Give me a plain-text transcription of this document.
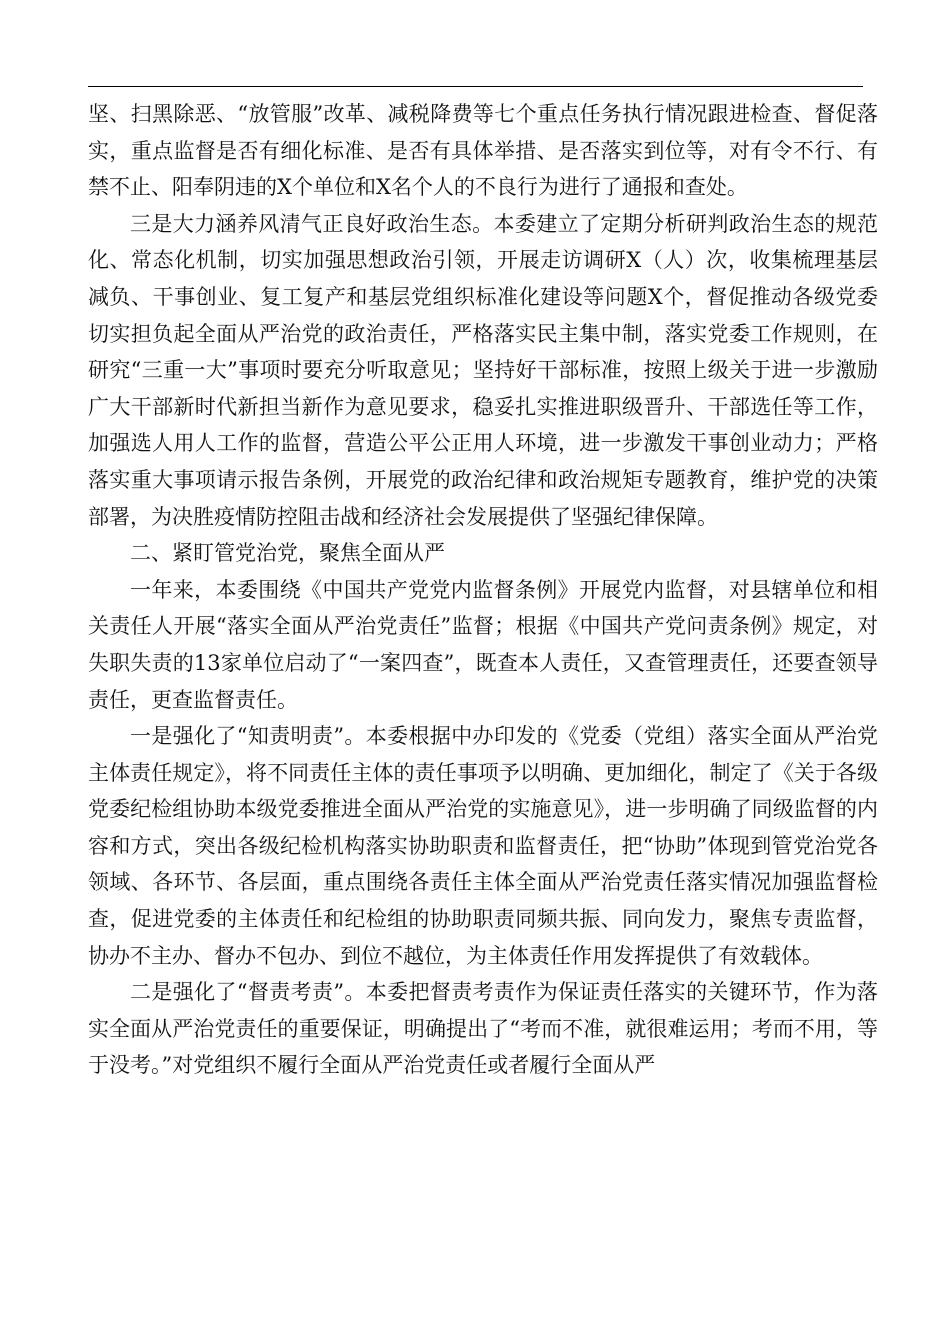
坚、扫黑除恶、“放管服”改革、减税降费等七个重点任务执行情况跟进检查、督促落实，重点监督是否有细化标准、是否有具体举措、是否落实到位等，对有令不行、有禁不止、阳奉阴违的X个单位和X名个人的不良行为进行了通报和查处。

三是大力涵养风清气正良好政治生态。本委建立了定期分析研判政治生态的规范化、常态化机制，切实加强思想政治引领，开展走访调研X（人）次，收集梳理基层减负、干事创业、复工复产和基层党组织标准化建设等问题X个，督促推动各级党委切实担负起全面从严治党的政治责任，严格落实民主集中制，落实党委工作规则，在研究“三重一大”事项时要充分听取意见；坚持好干部标准，按照上级关于进一步激励广大干部新时代新担当新作为意见要求，稳妥扎实推进职级晋升、干部选任等工作，加强选人用人工作的监督，营造公平公正用人环境，进一步激发干事创业动力；严格落实重大事项请示报告条例，开展党的政治纪律和政治规矩专题教育，维护党的决策部署，为决胜疫情防控阻击战和经济社会发展提供了坚强纪律保障。

二、紧盯管党治党，聚焦全面从严

一年来，本委围绕《中国共产党党内监督条例》开展党内监督，对县辖单位和相关责任人开展“落实全面从严治党责任”监督；根据《中国共产党问责条例》规定，对失职失责的13家单位启动了“一案四查”，既查本人责任，又查管理责任，还要查领导责任，更查监督责任。

一是强化了“知责明责”。本委根据中办印发的《党委（党组）落实全面从严治党主体责任规定》，将不同责任主体的责任事项予以明确、更加细化，制定了《关于各级党委纪检组协助本级党委推进全面从严治党的实施意见》，进一步明确了同级监督的内容和方式，突出各级纪检机构落实协助职责和监督责任，把“协助”体现到管党治党各领域、各环节、各层面，重点围绕各责任主体全面从严治党责任落实情况加强监督检查，促进党委的主体责任和纪检组的协助职责同频共振、同向发力，聚焦专责监督，协办不主办、督办不包办、到位不越位，为主体责任作用发挥提供了有效载体。

二是强化了“督责考责”。本委把督责考责作为保证责任落实的关键环节，作为落实全面从严治党责任的重要保证，明确提出了“考而不准，就很难运用；考而不用，等于没考。”对党组织不履行全面从严治党责任或者履行全面从严
